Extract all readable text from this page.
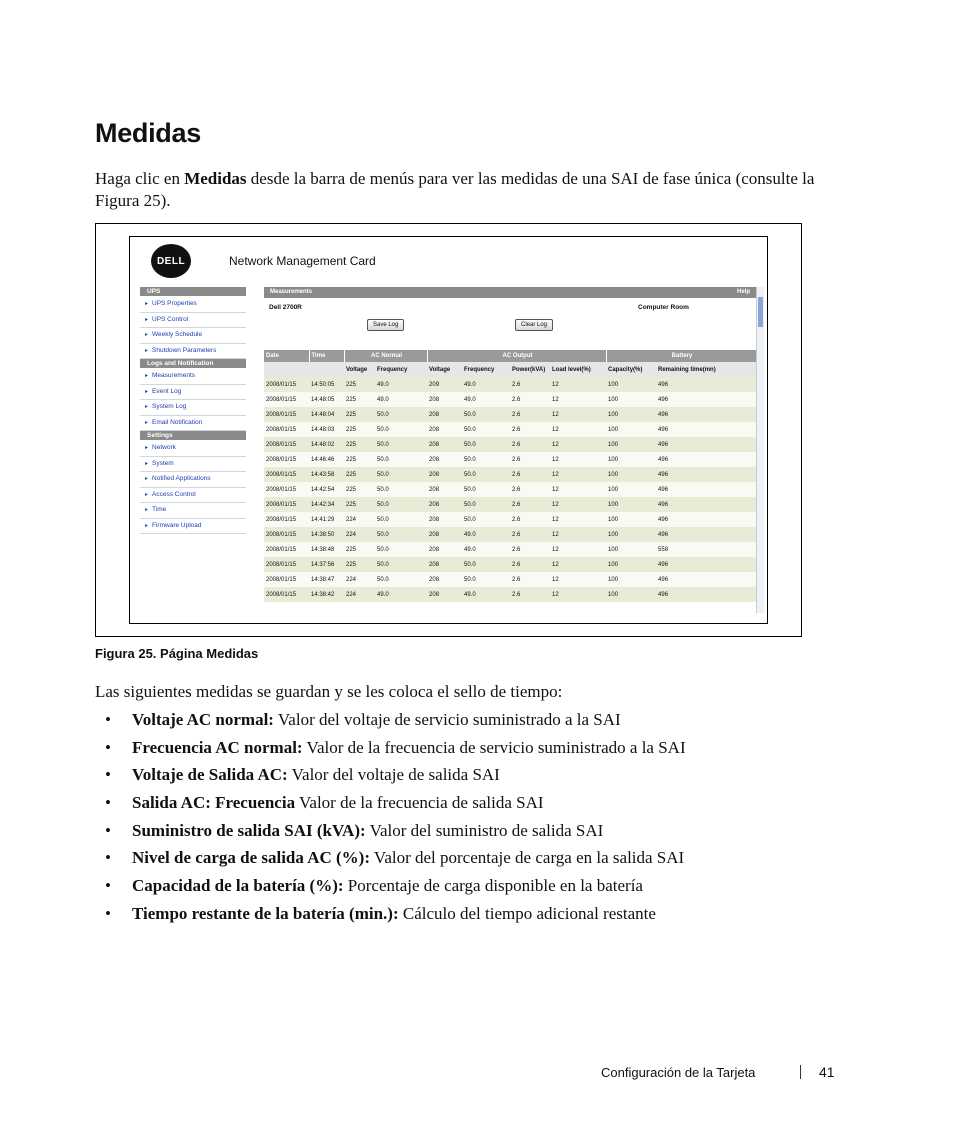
Medidas

Haga clic en Medidas desde la barra de menús para ver las medidas de una SAI de fase única (consulte la Figura 25).

DELL	Network Management Card
UPS
▸ UPS Properties
▸ UPS Control
▸ Weekly Schedule
▸ Shutdown Parameters
Logs and Notification
▸ Measurements
▸ Event Log
▸ System Log
▸ Email Notification
Settings
▸ Network
▸ System
▸ Notified Applications
▸ Access Control
▸ Time
▸ Firmware Upload
Measurements	Help
Dell 2700R	Computer Room
Save Log	Clear Log
Date	Time	AC Normal		AC Output				Battery	
		Voltage	Frequency	Voltage	Frequency	Power(kVA)	Load level(%)	Capacity(%)	Remaining time(mn)
2008/01/15	14:50:05	225	49.0	209	49.0	2.6	12	100	496
2008/01/15	14:48:05	225	49.0	208	49.0	2.6	12	100	496
2008/01/15	14:48:04	225	50.0	208	50.0	2.6	12	100	496
2008/01/15	14:48:03	225	50.0	208	50.0	2.6	12	100	496
2008/01/15	14:48:02	225	50.0	208	50.0	2.6	12	100	496
2008/01/15	14:46:46	225	50.0	208	50.0	2.6	12	100	496
2008/01/15	14:43:58	225	50.0	208	50.0	2.6	12	100	496
2008/01/15	14:42:54	225	50.0	208	50.0	2.6	12	100	496
2008/01/15	14:42:34	225	50.0	208	50.0	2.6	12	100	496
2008/01/15	14:41:29	224	50.0	208	50.0	2.6	12	100	496
2008/01/15	14:38:50	224	50.0	208	49.0	2.6	12	100	496
2008/01/15	14:38:48	225	50.0	208	49.0	2.6	12	100	558
2008/01/15	14:37:56	225	50.0	208	50.0	2.6	12	100	496
2008/01/15	14:38:47	224	50.0	208	50.0	2.6	12	100	496
2008/01/15	14:38:42	224	49.0	208	49.0	2.6	12	100	496

Figura 25. Página Medidas

Las siguientes medidas se guardan y se les coloca el sello de tiempo:

• Voltaje AC normal: Valor del voltaje de servicio suministrado a la SAI
• Frecuencia AC normal: Valor de la frecuencia de servicio suministrado a la SAI
• Voltaje de Salida AC: Valor del voltaje de salida SAI
• Salida AC: Frecuencia Valor de la frecuencia de salida SAI
• Suministro de salida SAI (kVA): Valor del suministro de salida SAI
• Nivel de carga de salida AC (%): Valor del porcentaje de carga en la salida SAI
• Capacidad de la batería (%): Porcentaje de carga disponible en la batería
• Tiempo restante de la batería (min.): Cálculo del tiempo adicional restante
Configuración de la Tarjeta	41
